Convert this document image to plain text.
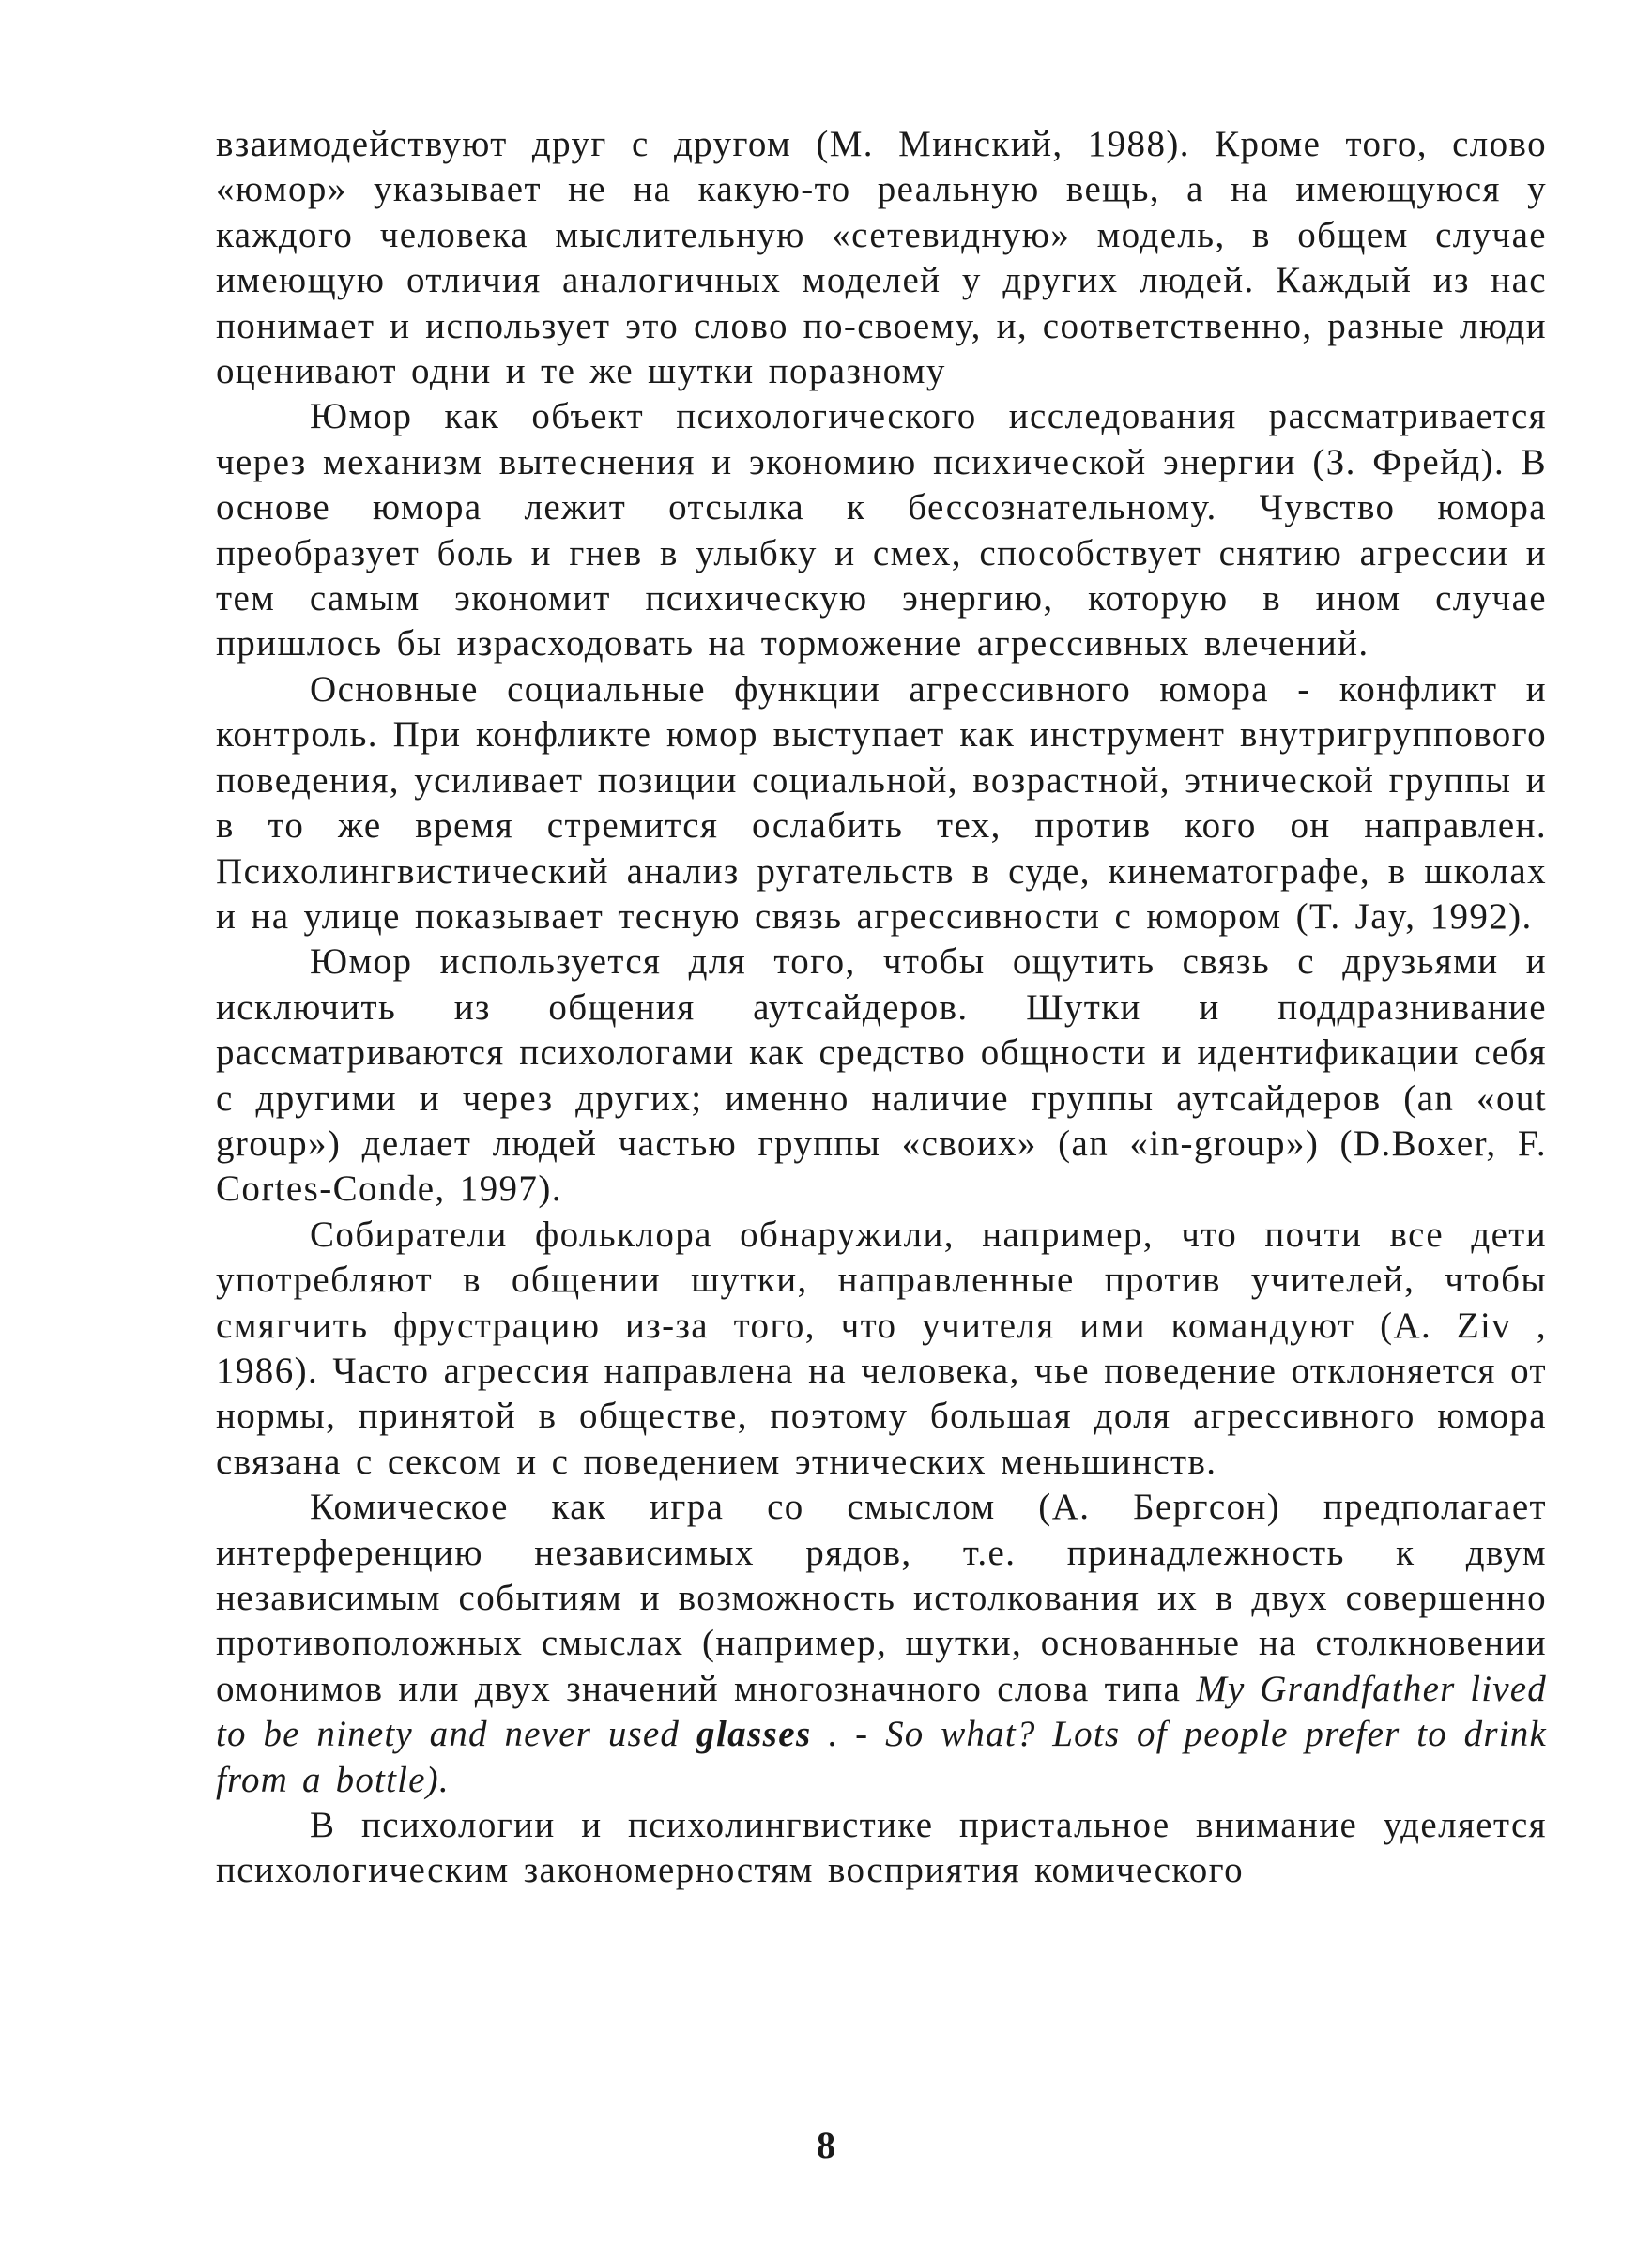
взаимодействуют друг с другом (М. Минский, 1988). Кроме того, слово «юмор» указывает не на какую-то реальную вещь, а на имеющуюся у каждого человека мыслительную «сетевидную» модель, в общем случае имеющую отличия аналогичных моделей у других людей. Каждый из нас понимает и использует это слово по-своему, и, соответственно, разные люди оценивают одни и те же шутки поразному

Юмор как объект психологического исследования рассматривается через механизм вытеснения и экономию психической энергии (З. Фрейд). В основе юмора лежит отсылка к бессознательному. Чувство юмора преобразует боль и гнев в улыбку и смех, способствует снятию агрессии и тем самым экономит психическую энергию, которую в ином случае пришлось бы израсходовать на торможение агрессивных влечений.

Основные социальные функции агрессивного юмора - конфликт и контроль. При конфликте юмор выступает как инструмент внутригруппового поведения, усиливает позиции социальной, возрастной, этнической группы и в то же время стремится ослабить тех, против кого он направлен. Психолингвистический анализ ругательств в суде, кинематографе, в школах и на улице показывает тесную связь агрессивности с юмором (T. Jay, 1992).

Юмор используется для того, чтобы ощутить связь с друзьями и исключить из общения аутсайдеров. Шутки и поддразнивание рассматриваются психологами как средство общности и идентификации себя с другими и через других; именно наличие группы аутсайдеров (an «out group») делает людей частью группы «своих» (an «in-group») (D.Boxer, F. Cortes-Conde, 1997).

Собиратели фольклора обнаружили, например, что почти все дети употребляют в общении шутки, направленные против учителей, чтобы смягчить фрустрацию из-за того, что учителя ими командуют (A. Ziv , 1986). Часто агрессия направлена на человека, чье поведение отклоняется от нормы, принятой в обществе, поэтому большая доля агрессивного юмора связана с сексом и с поведением этнических меньшинств.

Комическое как игра со смыслом (А. Бергсон) предполагает интерференцию независимых рядов, т.е. принадлежность к двум независимым событиям и возможность истолкования их в двух совершенно противоположных смыслах (например, шутки, основанные на столкновении омонимов или двух значений многозначного слова типа My Grandfather lived to be ninety and never used glasses . - So what? Lots of people prefer to drink from a bottle).

В психологии и психолингвистике пристальное внимание уделяется психологическим закономерностям восприятия комического

8
